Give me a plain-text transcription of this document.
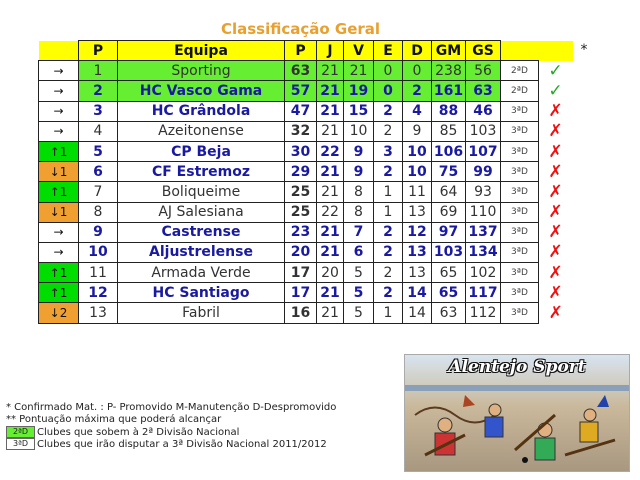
Classificação Geral
*
	P	Equipa	P	J	V	E	D	GM	GS		
→	1	Sporting	63	21	21	0	0	238	56	2ªD	✓
→	2	HC Vasco Gama	57	21	19	0	2	161	63	2ªD	✓
→	3	HC Grândola	47	21	15	2	4	88	46	3ªD	✗
→	4	Azeitonense	32	21	10	2	9	85	103	3ªD	✗
↑1	5	CP Beja	30	22	9	3	10	106	107	3ªD	✗
↓1	6	CF Estremoz	29	21	9	2	10	75	99	3ªD	✗
↑1	7	Boliqueime	25	21	8	1	11	64	93	3ªD	✗
↓1	8	AJ Salesiana	25	22	8	1	13	69	110	3ªD	✗
→	9	Castrense	23	21	7	2	12	97	137	3ªD	✗
→	10	Aljustrelense	20	21	6	2	13	103	134	3ªD	✗
↑1	11	Armada Verde	17	20	5	2	13	65	102	3ªD	✗
↑1	12	HC Santiago	17	21	5	2	14	65	117	3ªD	✗
↓2	13	Fabril	16	21	5	1	14	63	112	3ªD	✗
* Confirmado Mat. : P- Promovido M-Manutenção D-Despromovido
** Pontuação máxima que poderá alcançar
2ªD Clubes que sobem à 2ª Divisão Nacional
3ªD Clubes que irão disputar a 3ª Divisão Nacional 2011/2012
Alentejo Sport
